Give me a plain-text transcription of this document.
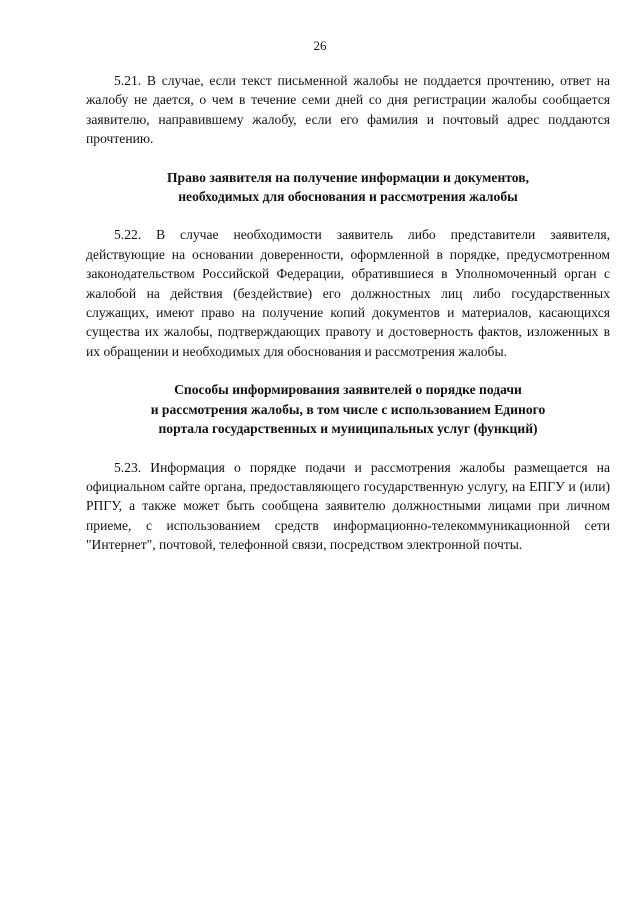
26

5.21. В случае, если текст письменной жалобы не поддается прочтению, ответ на жалобу не дается, о чем в течение семи дней со дня регистрации жалобы сообщается заявителю, направившему жалобу, если его фамилия и почтовый адрес поддаются прочтению.

Право заявителя на получение информации и документов,
необходимых для обоснования и рассмотрения жалобы

5.22. В случае необходимости заявитель либо представители заявителя, действующие на основании доверенности, оформленной в порядке, предусмотренном законодательством Российской Федерации, обратившиеся в Уполномоченный орган с жалобой на действия (бездействие) его должностных лиц либо государственных служащих, имеют право на получение копий документов и материалов, касающихся существа их жалобы, подтверждающих правоту и достоверность фактов, изложенных в их обращении и необходимых для обоснования и рассмотрения жалобы.

Способы информирования заявителей о порядке подачи
и рассмотрения жалобы, в том числе с использованием Единого
портала государственных и муниципальных услуг (функций)

5.23. Информация о порядке подачи и рассмотрения жалобы размещается на официальном сайте органа, предоставляющего государственную услугу, на ЕПГУ и (или) РПГУ, а также может быть сообщена заявителю должностными лицами при личном приеме, с использованием средств информационно-телекоммуникационной сети "Интернет", почтовой, телефонной связи, посредством электронной почты.
